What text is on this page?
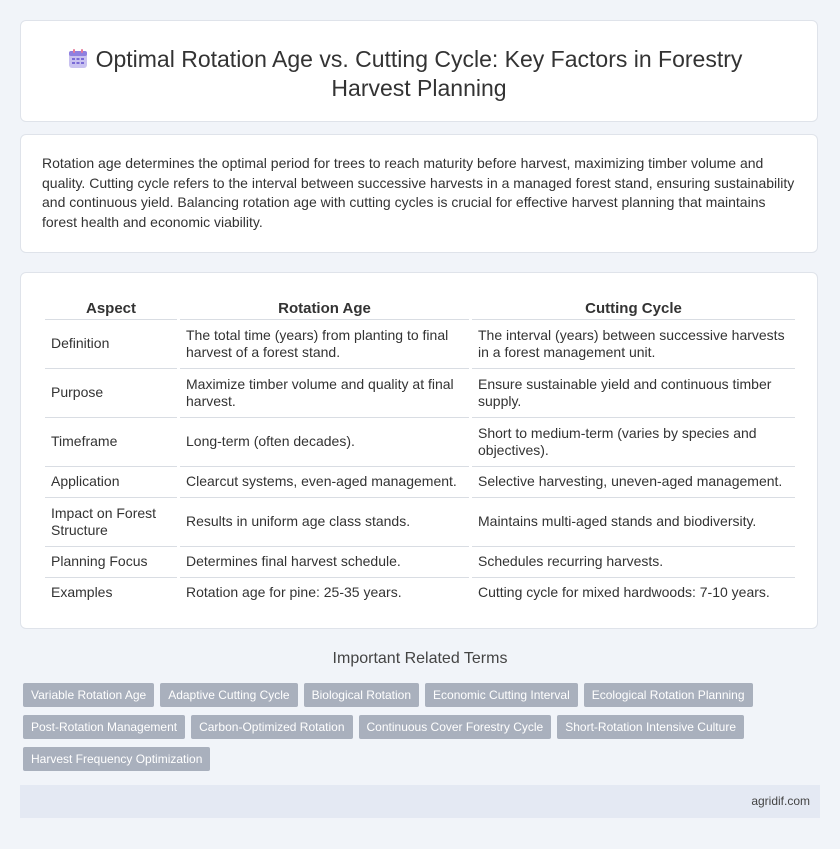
Optimal Rotation Age vs. Cutting Cycle: Key Factors in Forestry Harvest Planning

Rotation age determines the optimal period for trees to reach maturity before harvest, maximizing timber volume and quality. Cutting cycle refers to the interval between successive harvests in a managed forest stand, ensuring sustainability and continuous yield. Balancing rotation age with cutting cycles is crucial for effective harvest planning that maintains forest health and economic viability.

Aspect	Rotation Age	Cutting Cycle
Definition	The total time (years) from planting to final harvest of a forest stand.	The interval (years) between successive harvests in a forest management unit.
Purpose	Maximize timber volume and quality at final harvest.	Ensure sustainable yield and continuous timber supply.
Timeframe	Long-term (often decades).	Short to medium-term (varies by species and objectives).
Application	Clearcut systems, even-aged management.	Selective harvesting, uneven-aged management.
Impact on Forest Structure	Results in uniform age class stands.	Maintains multi-aged stands and biodiversity.
Planning Focus	Determines final harvest schedule.	Schedules recurring harvests.
Examples	Rotation age for pine: 25-35 years.	Cutting cycle for mixed hardwoods: 7-10 years.
Important Related Terms
Variable Rotation Age	Adaptive Cutting Cycle	Biological Rotation	Economic Cutting Interval	Ecological Rotation Planning
Post-Rotation Management	Carbon-Optimized Rotation	Continuous Cover Forestry Cycle	Short-Rotation Intensive Culture
Harvest Frequency Optimization
agridif.com
